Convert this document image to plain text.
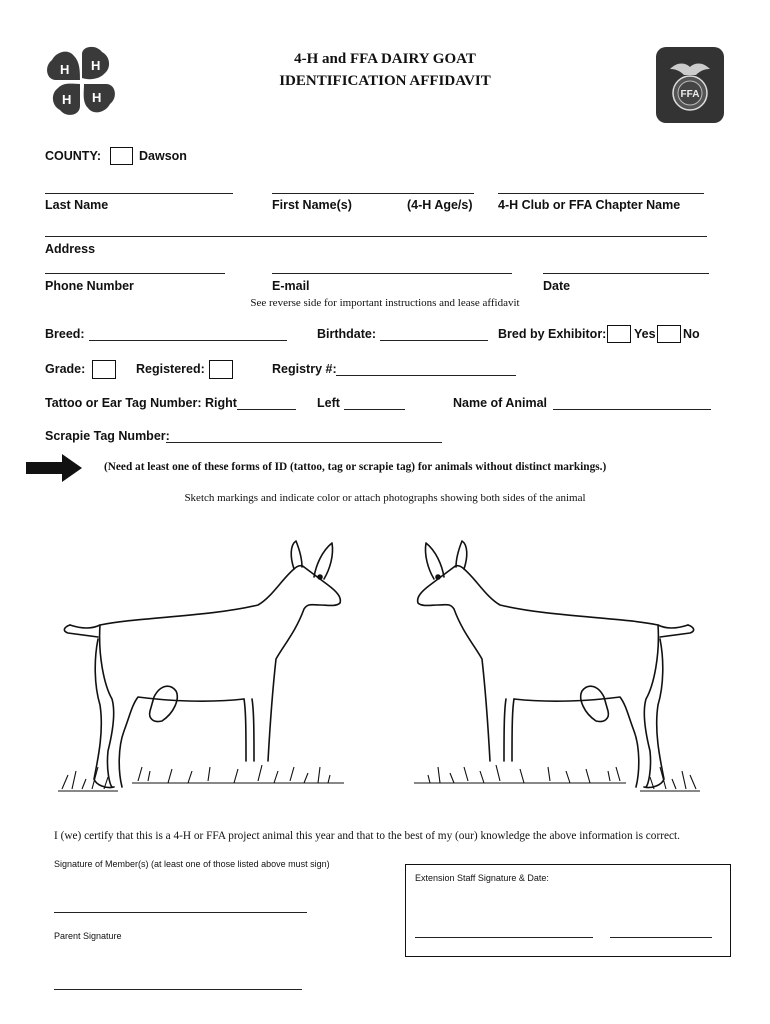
H H
H H
4-H and FFA DAIRY GOAT
IDENTIFICATION AFFIDAVIT
FFA
COUNTY:	Dawson
Last Name	First Name(s)	(4-H Age/s) 4-H Club or FFA Chapter Name
Address
Phone Number	E-mail	Date
See reverse side for important instructions and lease affidavit
Breed:	Birthdate:	Bred by Exhibitor: Yes No
Grade:	Registered:	Registry #:
Tattoo or Ear Tag Number: Right	Left	Name of Animal
Scrapie Tag Number:
(Need at least one of these forms of ID (tattoo, tag or scrapie tag) for animals without distinct markings.)
Sketch markings and indicate color or attach photographs showing both sides of the animal
I (we) certify that this is a 4-H or FFA project animal this year and that to the best of my (our) knowledge the above information is correct.
Signature of Member(s) (at least one of those listed above must sign)
Parent Signature
Extension Staff Signature & Date:
